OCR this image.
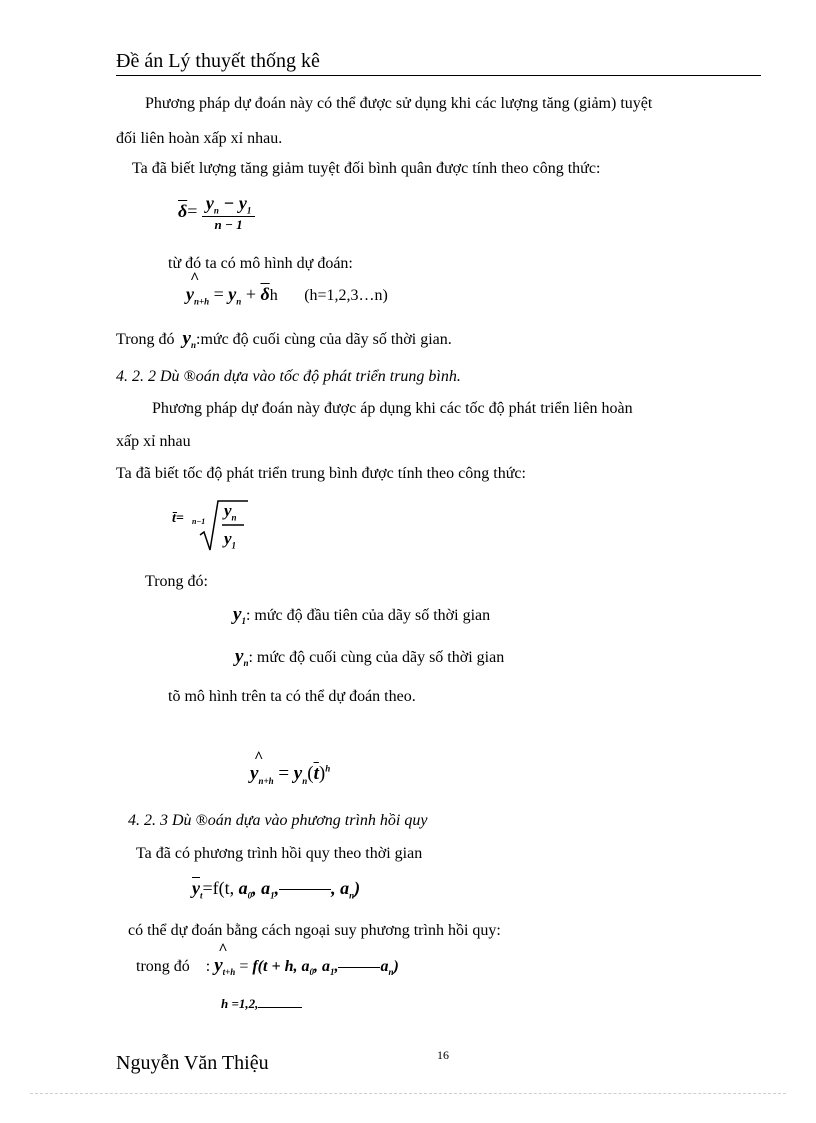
Đề án Lý thuyết thống kê
Phương pháp dự đoán này có thể được sử dụng khi các lượng tăng (giảm) tuyệt
đối liên hoàn xấp xỉ nhau.
Ta đã biết lượng tăng giảm tuyệt đối bình quân được tính theo công thức:
$\overline{\delta}= \frac{y_n - y_1}{n - 1}$
từ đó ta có mô hình dự đoán:
^ $y_{n+h} = y_n + \overline{\delta}h$ (h=1,2,3…n)
Trong đó $y_n:mức$ độ cuối cùng của dãy số thời gian.
4. 2. 2 Dù ®oán dựa vào tốc độ phát triển trung bình.
Phương pháp dự đoán này được áp dụng khi các tốc độ phát triển liên hoàn
xấp xỉ nhau
Ta đã biết tốc độ phát triển trung bình được tính theo công thức:
t̄= n−1
$y_n$
$y_1$
Trong đó:
$y_1$: mức độ đầu tiên của dãy số thời gian
$y_n$: mức độ cuối cùng của dãy số thời gian
tõ mô hình trên ta có thể dự đoán theo.
^ $y_{n+h} = y_n(\overline{t})^h$
4. 2. 3 Dù ®oán dựa vào phương trình hồi quy
Ta đã có phương trình hồi quy theo thời gian
$\overline{y}_t=f(t$, $a_0$, $a_1$,	, $a_n$)
có thể dự đoán bằng cách ngoại suy phương trình hồi quy:
trong đó : ^ $y_{t+h} = f(t + h$, $a_0$, $a_1$,	$a_n$)
h =1,2,
Nguyễn Văn Thiệu	16
